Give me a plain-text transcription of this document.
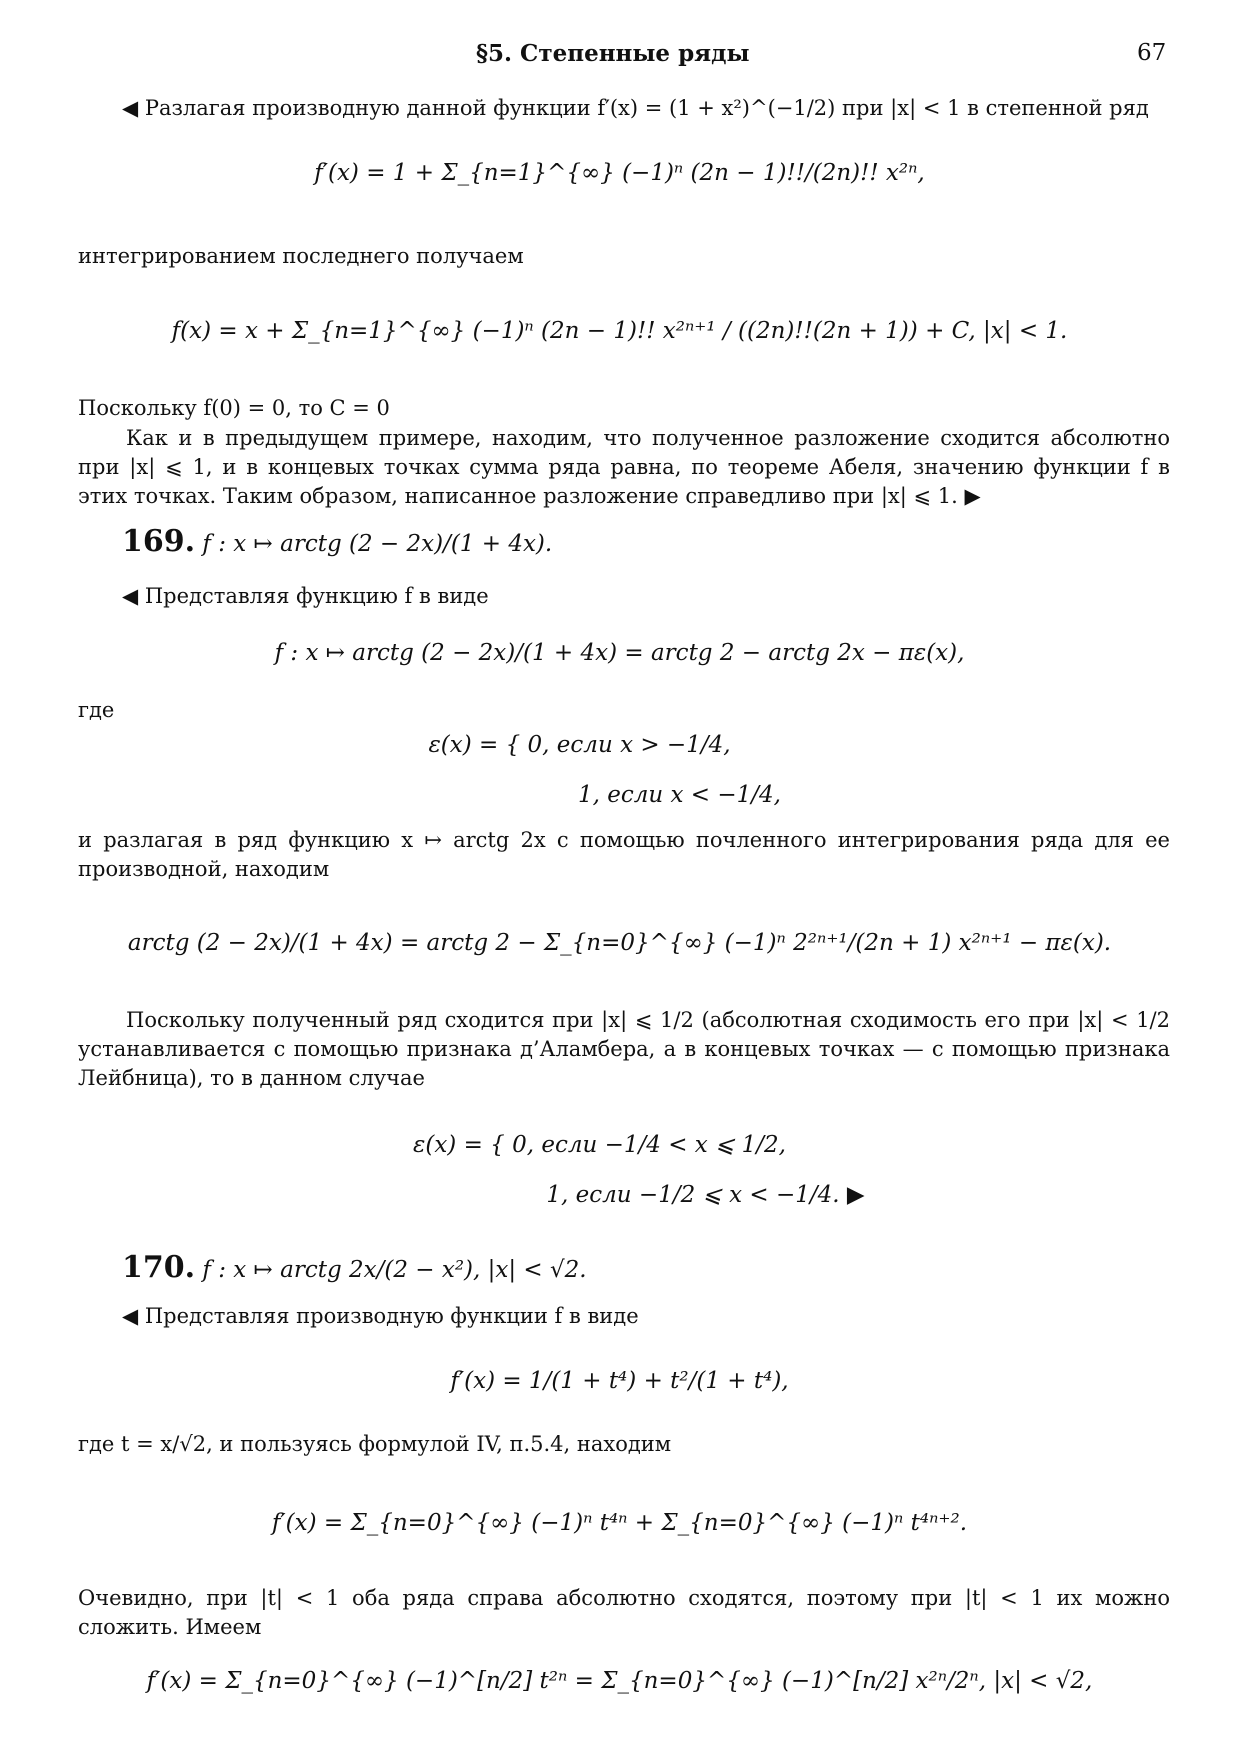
§5. Степенные ряды	67
◀ Разлагая производную данной функции f′(x) = (1 + x²)^(−1/2) при |x| < 1 в степенной ряд
f′(x) = 1 + Σ_{n=1}^{∞} (−1)ⁿ (2n − 1)!!/(2n)!! x²ⁿ,
интегрированием последнего получаем
f(x) = x + Σ_{n=1}^{∞} (−1)ⁿ (2n − 1)!! x²ⁿ⁺¹ / ((2n)!!(2n + 1)) + C, |x| < 1.
Поскольку f(0) = 0, то C = 0
Как и в предыдущем примере, находим, что полученное разложение сходится абсолютно при |x| ⩽ 1, и в концевых точках сумма ряда равна, по теореме Абеля, значению функции f в этих точках. Таким образом, написанное разложение справедливо при |x| ⩽ 1. ▶
169. f : x ↦ arctg (2 − 2x)/(1 + 4x).
◀ Представляя функцию f в виде
f : x ↦ arctg (2 − 2x)/(1 + 4x) = arctg 2 − arctg 2x − πε(x),
где
ε(x) = { 0, если x > −1/4,
1, если x < −1/4,
и разлагая в ряд функцию x ↦ arctg 2x с помощью почленного интегрирования ряда для ее производной, находим
arctg (2 − 2x)/(1 + 4x) = arctg 2 − Σ_{n=0}^{∞} (−1)ⁿ 2²ⁿ⁺¹/(2n + 1) x²ⁿ⁺¹ − πε(x).
Поскольку полученный ряд сходится при |x| ⩽ 1/2 (абсолютная сходимость его при |x| < 1/2 устанавливается с помощью признака д’Аламбера, а в концевых точках — с помощью признака Лейбница), то в данном случае
ε(x) = { 0, если −1/4 < x ⩽ 1/2,
1, если −1/2 ⩽ x < −1/4. ▶
170. f : x ↦ arctg 2x/(2 − x²), |x| < √2.
◀ Представляя производную функции f в виде
f′(x) = 1/(1 + t⁴) + t²/(1 + t⁴),
где t = x/√2, и пользуясь формулой IV, п.5.4, находим
f′(x) = Σ_{n=0}^{∞} (−1)ⁿ t⁴ⁿ + Σ_{n=0}^{∞} (−1)ⁿ t⁴ⁿ⁺².
Очевидно, при |t| < 1 оба ряда справа абсолютно сходятся, поэтому при |t| < 1 их можно сложить. Имеем
f′(x) = Σ_{n=0}^{∞} (−1)^[n/2] t²ⁿ = Σ_{n=0}^{∞} (−1)^[n/2] x²ⁿ/2ⁿ, |x| < √2,
